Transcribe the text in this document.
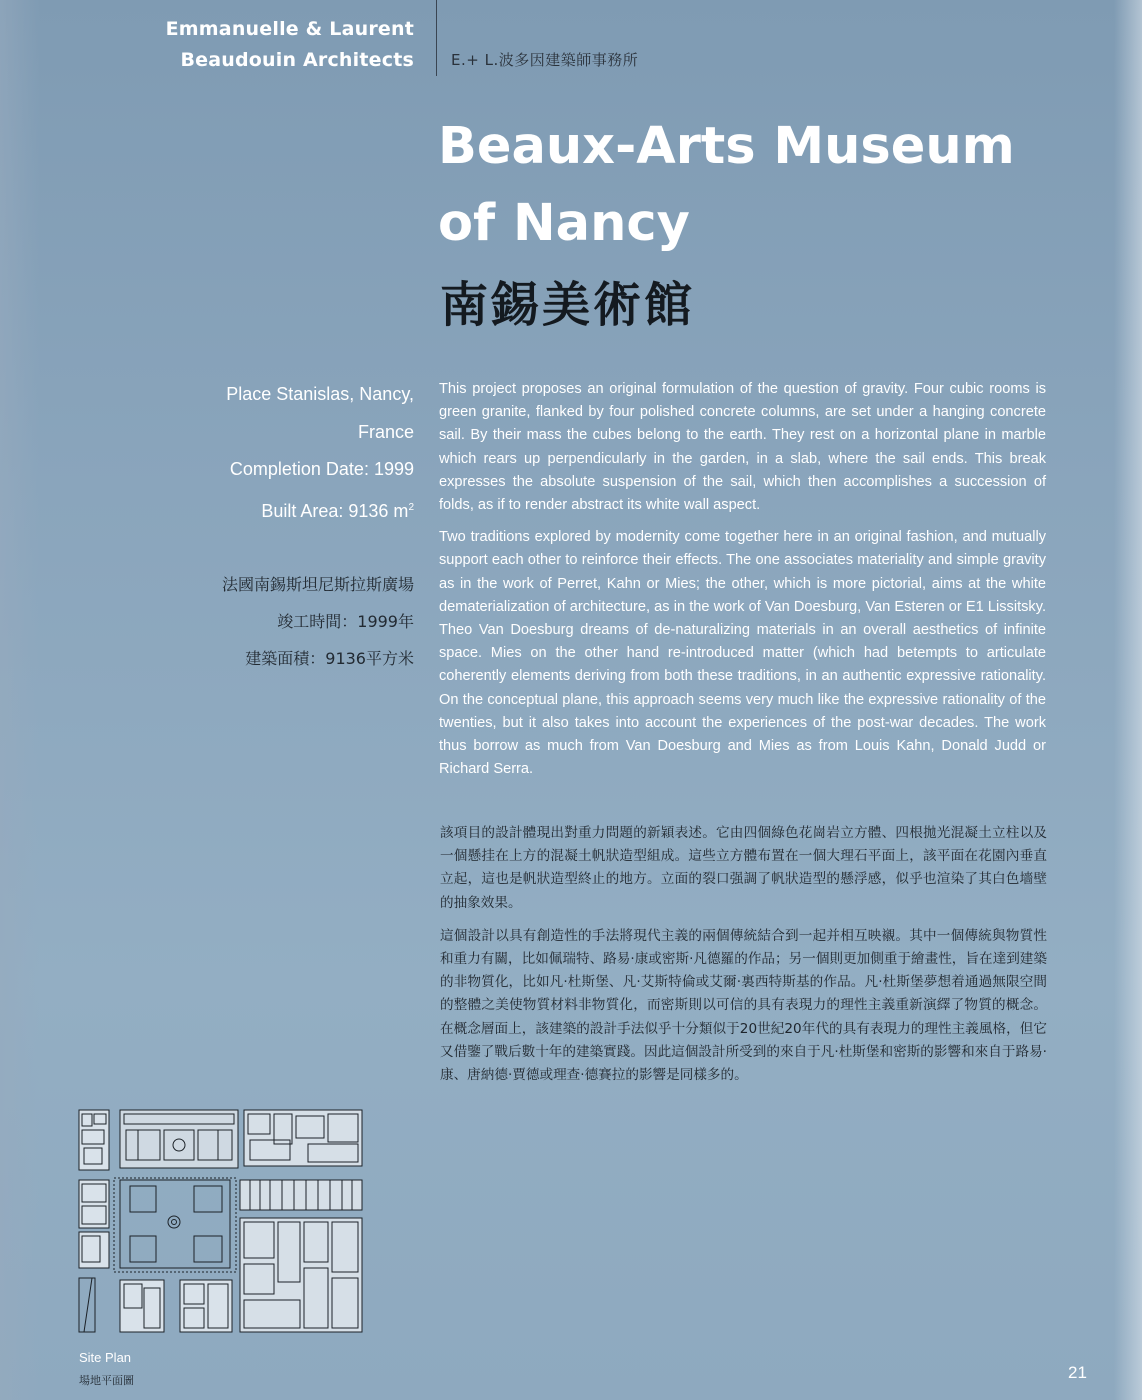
Emmanuelle & Laurent
Beaudouin Architects E.+ L.波多因建築師事務所
Beaux-Arts Museum of Nancy
南錫美術館
Place Stanislas, Nancy,
France
Completion Date: 1999
Built Area: 9136 $m^2$
法國南錫斯坦尼斯拉斯廣場
竣工時間：1999年
建築面積：9136平方米

This project proposes an original formulation of the question of gravity. Four cubic rooms is green granite, flanked by four polished concrete columns, are set under a hanging concrete sail. By their mass the cubes belong to the earth. They rest on a horizontal plane in marble which rears up perpendicularly in the garden, in a slab, where the sail ends. This break expresses the absolute suspension of the sail, which then accomplishes a succession of folds, as if to render abstract its white wall aspect.

Two traditions explored by modernity come together here in an original fashion, and mutually support each other to reinforce their effects. The one associates materiality and simple gravity as in the work of Perret, Kahn or Mies; the other, which is more pictorial, aims at the white dematerialization of architecture, as in the work of Van Doesburg, Van Esteren or E1 Lissitsky. Theo Van Doesburg dreams of de-naturalizing materials in an overall aesthetics of infinite space. Mies on the other hand re-introduced matter (which had betempts to articulate coherently elements deriving from both these traditions, in an authentic expressive rationality. On the conceptual plane, this approach seems very much like the expressive rationality of the twenties, but it also takes into account the experiences of the post-war decades. The work thus borrow as much from Van Doesburg and Mies as from Louis Kahn, Donald Judd or Richard Serra.

該項目的設計體現出對重力問題的新穎表述。它由四個綠色花崗岩立方體、四根拋光混凝土立柱以及一個懸挂在上方的混凝土帆狀造型組成。這些立方體布置在一個大理石平面上，該平面在花園內垂直立起，這也是帆狀造型終止的地方。立面的裂口强調了帆狀造型的懸浮感，似乎也渲染了其白色墻壁的抽象效果。

這個設計以具有創造性的手法將現代主義的兩個傳統結合到一起并相互映襯。其中一個傳統與物質性和重力有關，比如佩瑞特、路易·康或密斯·凡德羅的作品；另一個則更加側重于繪畫性，旨在達到建築的非物質化，比如凡·杜斯堡、凡·艾斯特倫或艾爾·裏西特斯基的作品。凡·杜斯堡夢想着通過無限空間的整體之美使物質材料非物質化，而密斯則以可信的具有表現力的理性主義重新演繹了物質的概念。在概念層面上，該建築的設計手法似乎十分類似于20世紀20年代的具有表現力的理性主義風格，但它又借鑒了戰后數十年的建築實踐。因此這個設計所受到的來自于凡·杜斯堡和密斯的影響和來自于路易·康、唐納德·賈德或理查·德賽拉的影響是同樣多的。

Site Plan
場地平面圖	21
